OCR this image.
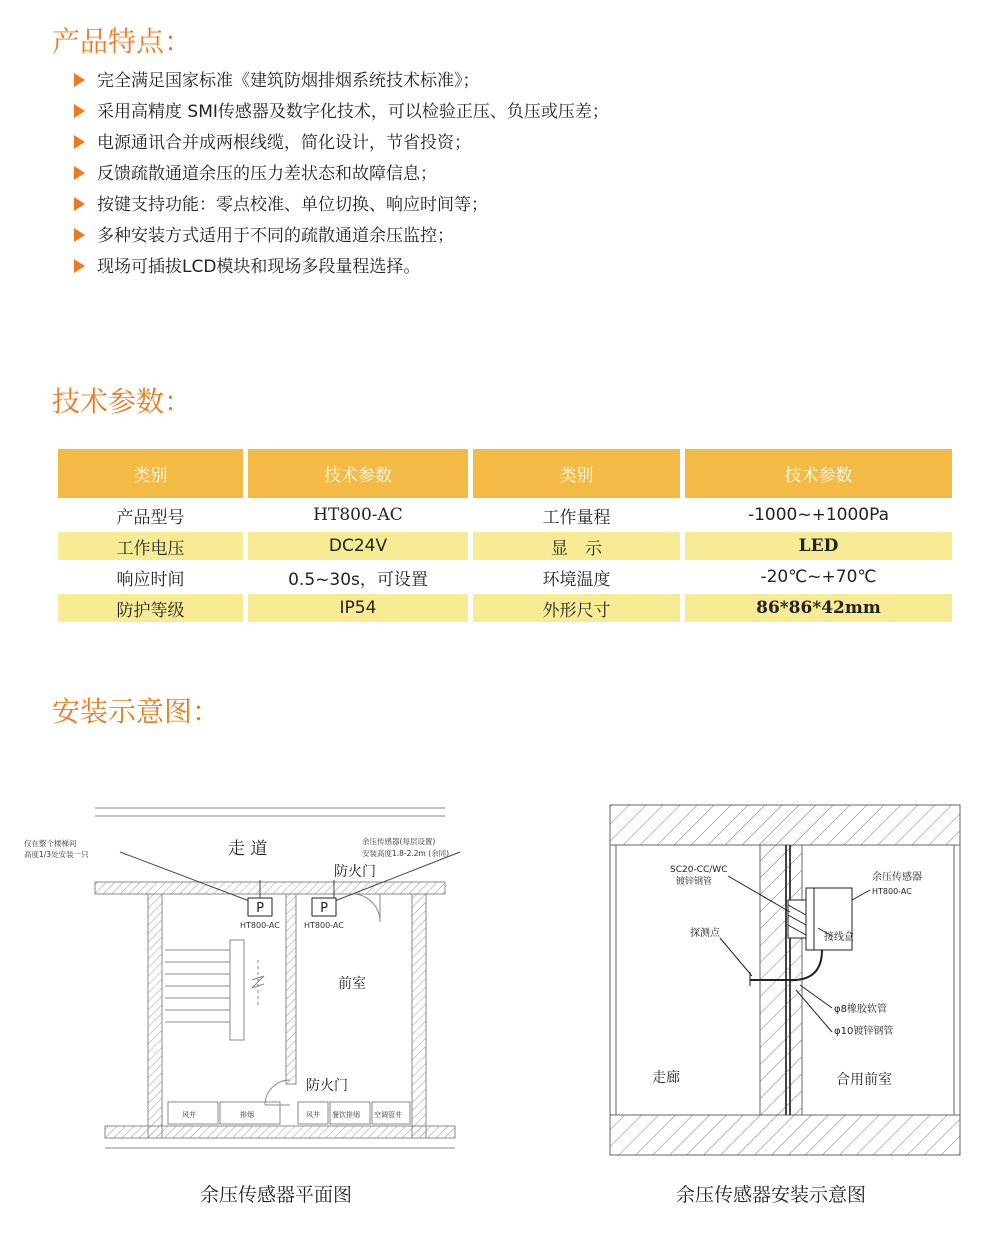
产品特点：
完全满足国家标准《建筑防烟排烟系统技术标准》；
采用高精度 SMI传感器及数字化技术，可以检验正压、负压或压差；
电源通讯合并成两根线缆，简化设计，节省投资；
反馈疏散通道余压的压力差状态和故障信息；
按键支持功能：零点校准、单位切换、响应时间等；
多种安装方式适用于不同的疏散通道余压监控；
现场可插拔LCD模块和现场多段量程选择。
技术参数：
类别	技术参数	类别	技术参数
产品型号	HT800-AC	工作量程	-1000~+1000Pa
工作电压	DC24V	显　示	LED
响应时间	0.5~30s，可设置	环境温度	-20℃~+70℃
防护等级	IP54	外形尺寸	86*86*42mm
安装示意图：
P	P
HT800-AC	HT800-AC
走 道
防火门
防火门
前室
仅在整个楼梯间
高度1/3处安装一只
余压传感器(每层设置)
安装高度1.8-2.2m (余同)
风井	排烟	风井 餐饮排烟 空调管井
SC20-CC/WC
镀锌钢管
探测点
余压传感器
HT800-AC
接线盒
φ8橡胶软管
φ10镀锌钢管
走廊	合用前室
余压传感器平面图	余压传感器安装示意图
